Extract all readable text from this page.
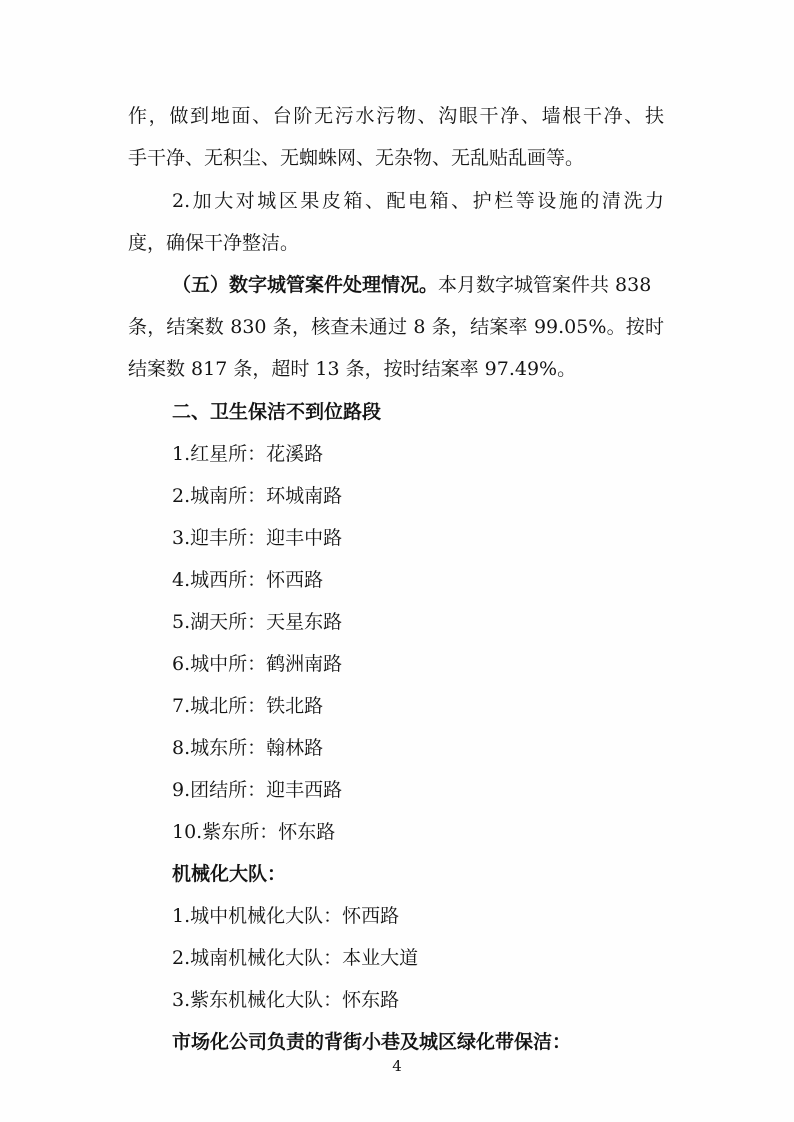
作，做到地面、台阶无污水污物、沟眼干净、墙根干净、扶
手干净、无积尘、无蜘蛛网、无杂物、无乱贴乱画等。
2.加大对城区果皮箱、配电箱、护栏等设施的清洗力
度，确保干净整洁。
（五）数字城管案件处理情况。本月数字城管案件共 838
条，结案数 830 条，核查未通过 8 条，结案率 99.05%。按时
结案数 817 条，超时 13 条，按时结案率 97.49%。
二、卫生保洁不到位路段
1.红星所：花溪路
2.城南所：环城南路
3.迎丰所：迎丰中路
4.城西所：怀西路
5.湖天所：天星东路
6.城中所：鹤洲南路
7.城北所：铁北路
8.城东所：翰林路
9.团结所：迎丰西路
10.紫东所：怀东路
机械化大队：
1.城中机械化大队：怀西路
2.城南机械化大队：本业大道
3.紫东机械化大队：怀东路
市场化公司负责的背街小巷及城区绿化带保洁：
4
